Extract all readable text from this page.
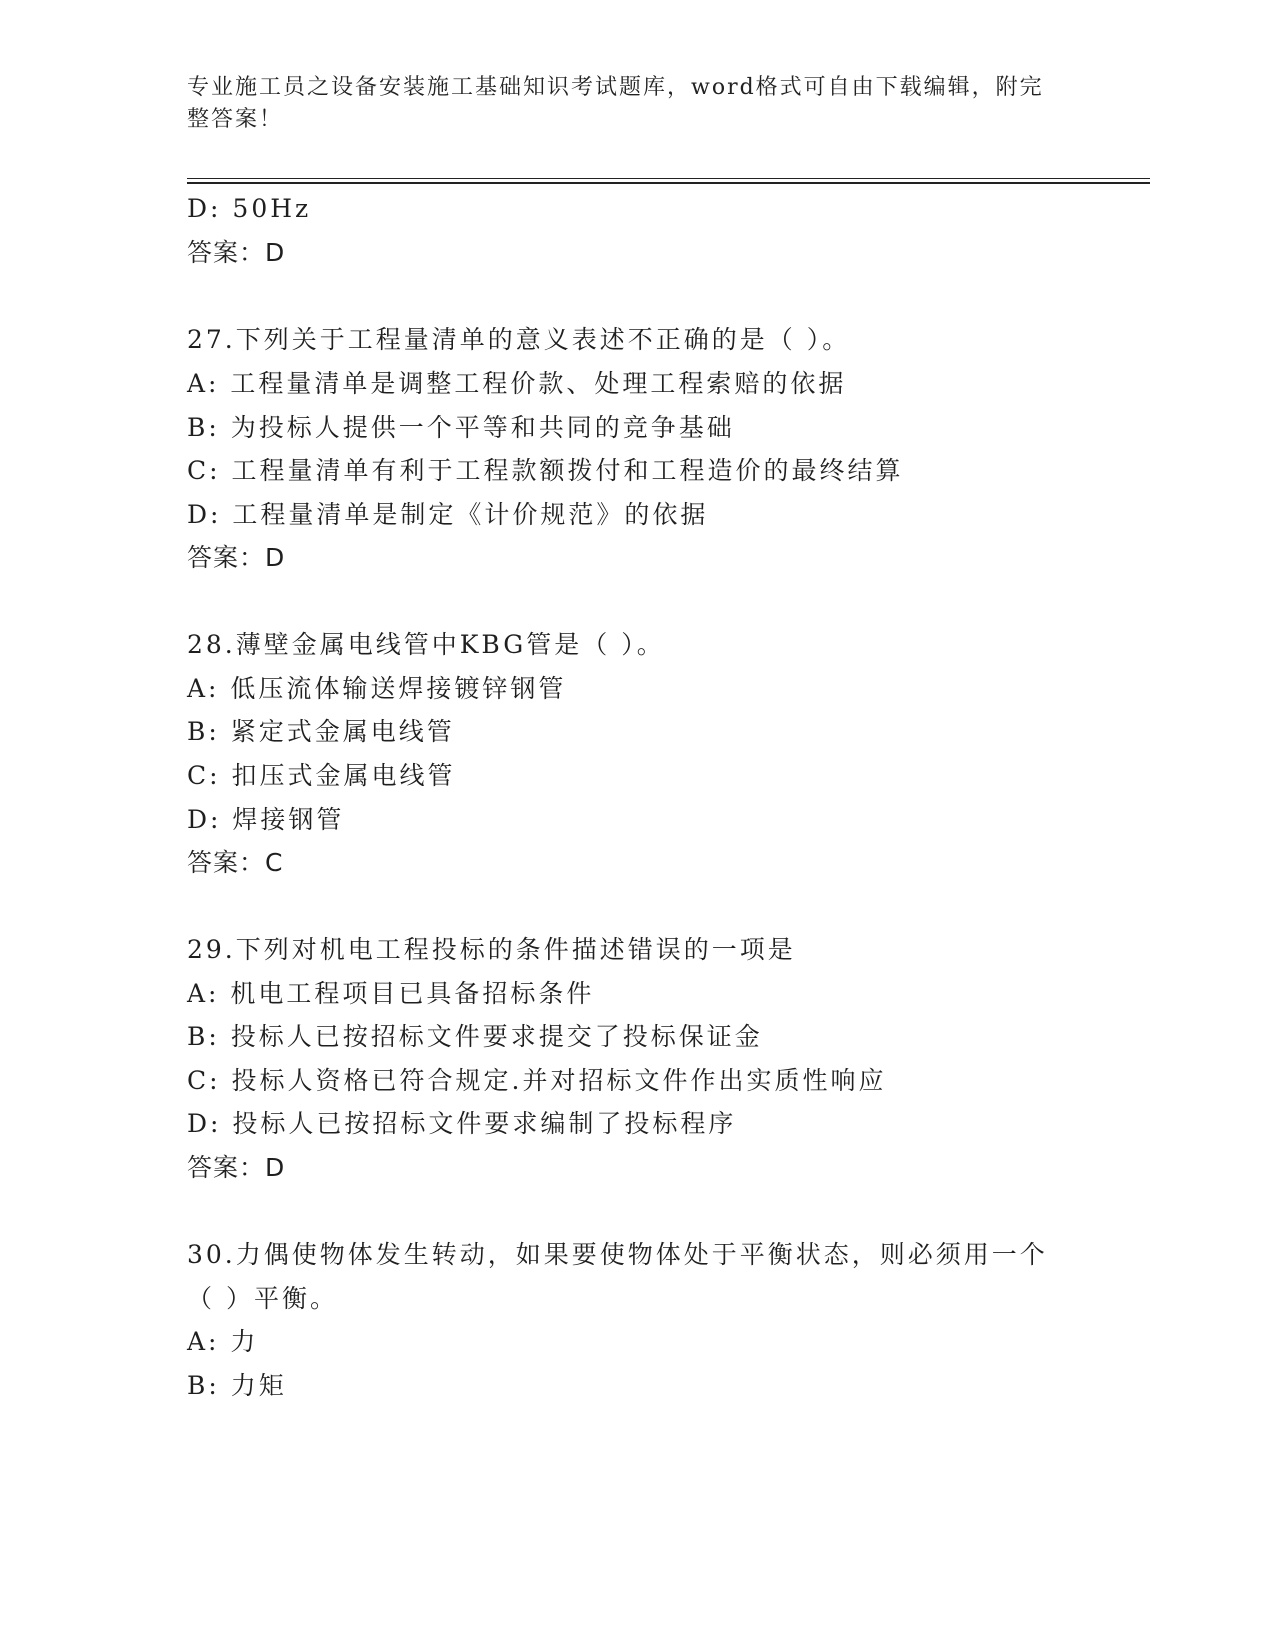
专业施工员之设备安装施工基础知识考试题库，word格式可自由下载编辑，附完整答案！
D: 50Hz
答案：D
27.下列关于工程量清单的意义表述不正确的是（ ）。
A: 工程量清单是调整工程价款、处理工程索赔的依据
B: 为投标人提供一个平等和共同的竞争基础
C: 工程量清单有利于工程款额拨付和工程造价的最终结算
D: 工程量清单是制定《计价规范》的依据
答案：D
28.薄壁金属电线管中KBG管是（ ）。
A: 低压流体输送焊接镀锌钢管
B: 紧定式金属电线管
C: 扣压式金属电线管
D: 焊接钢管
答案：C
29.下列对机电工程投标的条件描述错误的一项是
A: 机电工程项目已具备招标条件
B: 投标人已按招标文件要求提交了投标保证金
C: 投标人资格已符合规定.并对招标文件作出实质性响应
D: 投标人已按招标文件要求编制了投标程序
答案：D
30.力偶使物体发生转动，如果要使物体处于平衡状态，则必须用一个
（ ）平衡。
A: 力
B: 力矩
